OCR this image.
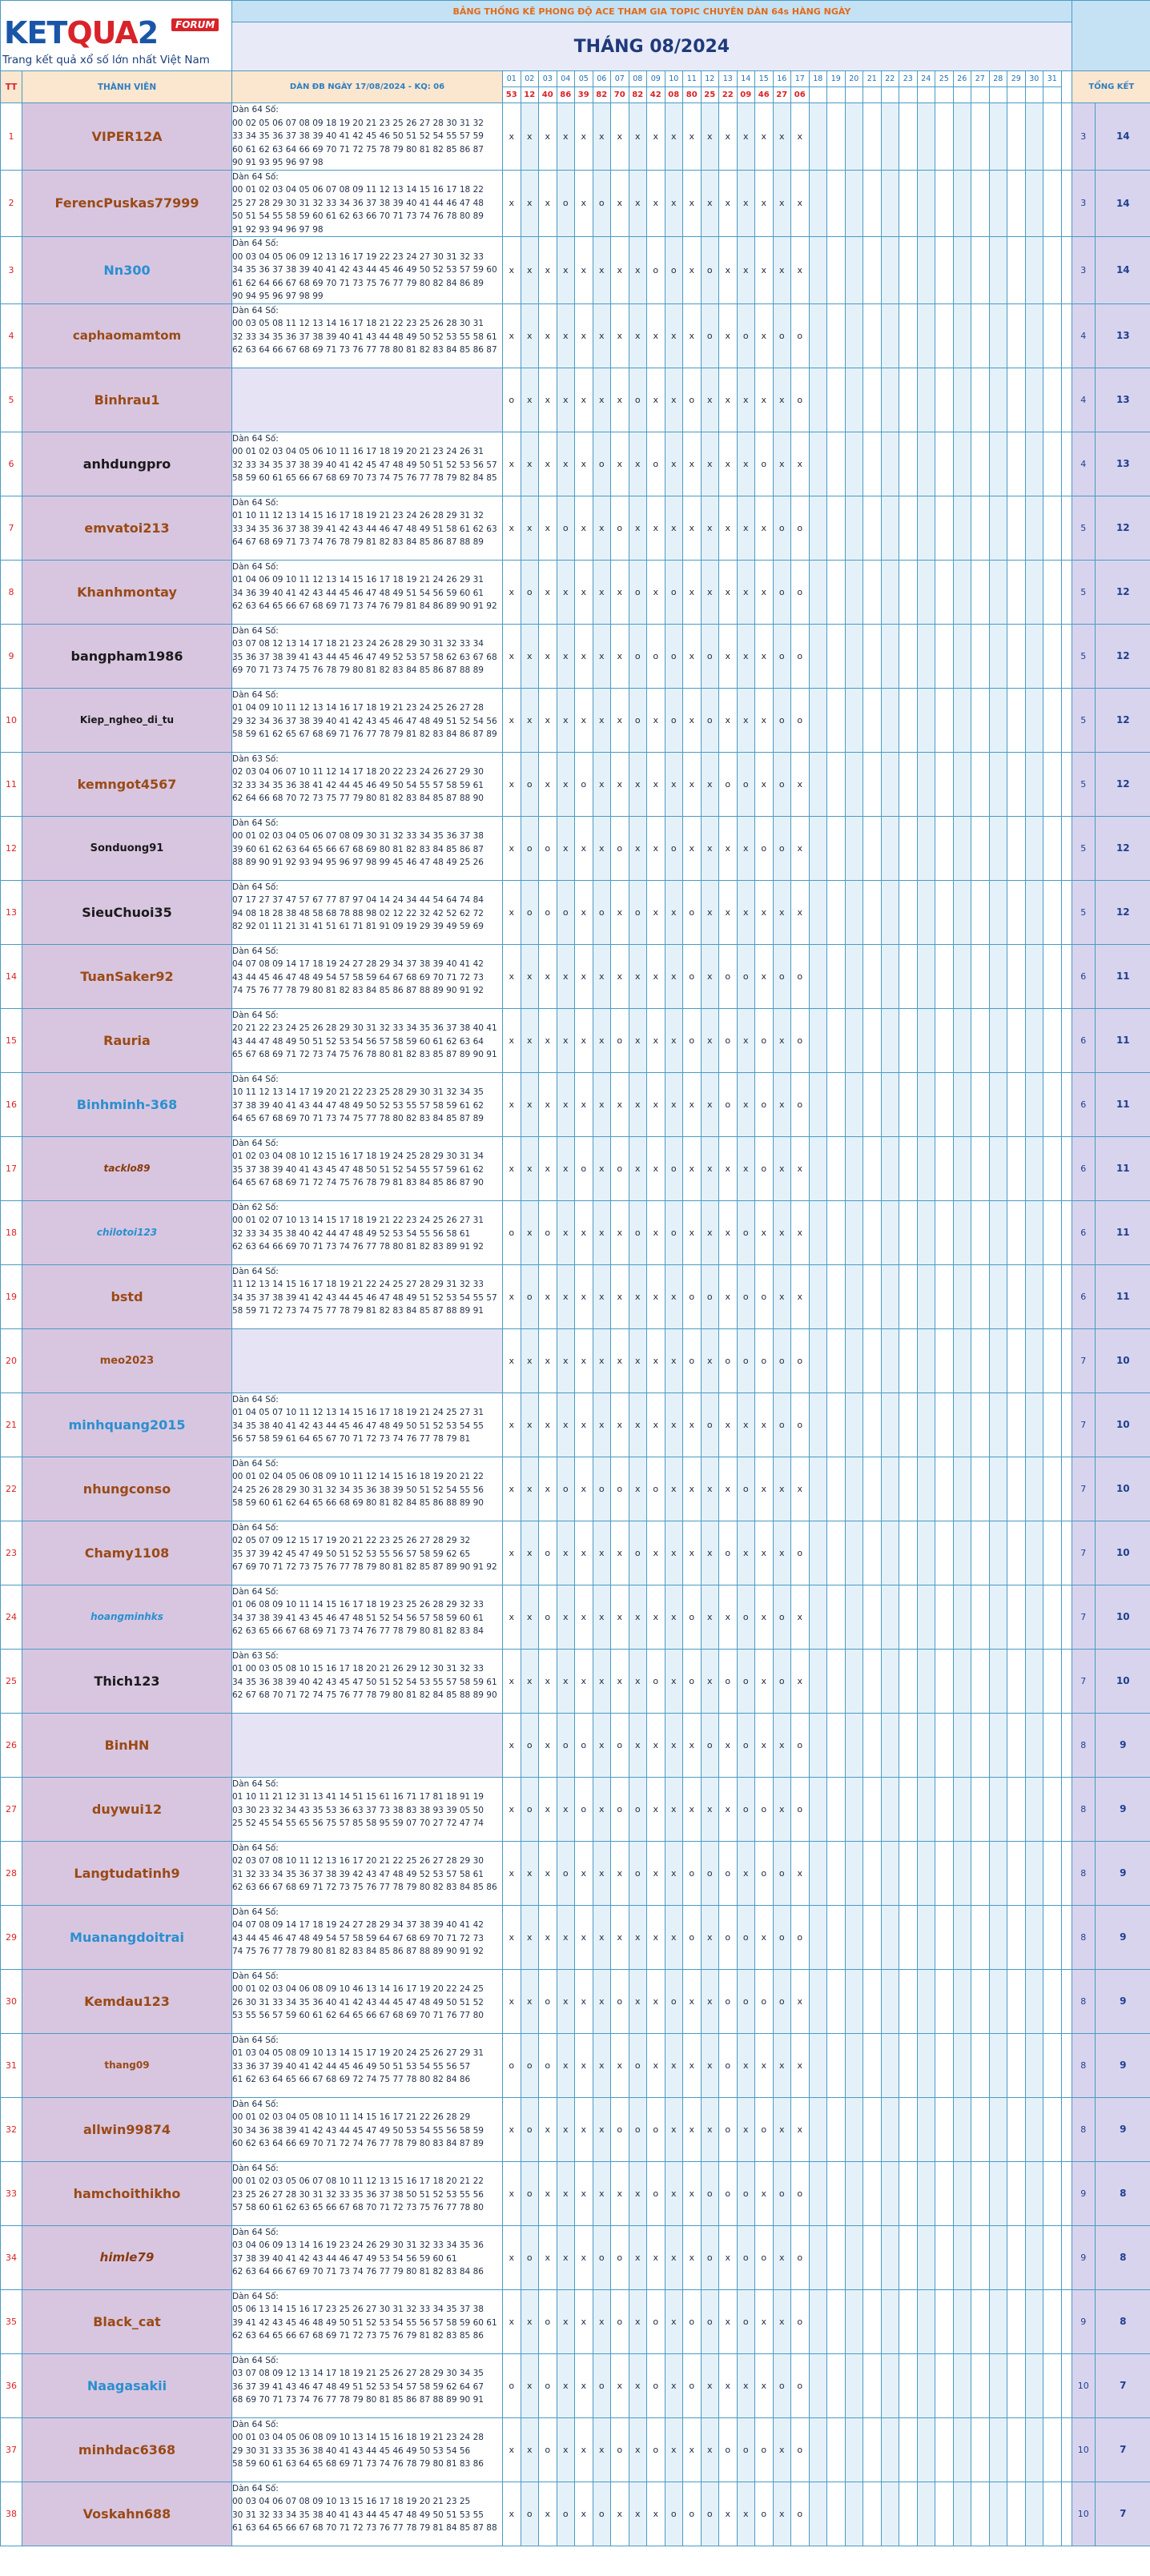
KETQUA2 FORUM
Trang kết quả xổ số lớn nhất Việt Nam		BẢNG THỐNG KÊ PHONG ĐỘ ACE THAM GIA TOPIC CHUYÊN DÀN 64s HÀNG NGÀY																																		
		THÁNG 08/2024																																		
TT	THÀNH VIÊN	DÀN ĐB NGÀY 17/08/2024 - KQ: 06	01	02	03	04	05	06	07	08	09	10	11	12	13	14	15	16	17	18	19	20	21	22	23	24	25	26	27	28	29	30	31		TỔNG KẾT	
			53	12	40	86	39	82	70	82	42	08	80	25	22	09	46	27	06																	
1	VIPER12A	Dàn 64 Số:
00 02 05 06 07 08 09 18 19 20 21 23 25 26 27 28 30 31 32
33 34 35 36 37 38 39 40 41 42 45 46 50 51 52 54 55 57 59
60 61 62 63 64 66 69 70 71 72 75 78 79 80 81 82 85 86 87
90 91 93 95 96 97 98	x	x	x	x	x	x	x	x	x	x	x	x	x	x	x	x	x																3	14
2	FerencPuskas77999	Dàn 64 Số:
00 01 02 03 04 05 06 07 08 09 11 12 13 14 15 16 17 18 22
25 27 28 29 30 31 32 33 34 36 37 38 39 40 41 44 46 47 48
50 51 54 55 58 59 60 61 62 63 66 70 71 73 74 76 78 80 89
91 92 93 94 96 97 98	x	x	x	o	x	o	x	x	x	x	x	x	x	x	x	x	x																3	14
3	Nn300	Dàn 64 Số:
00 03 04 05 06 09 12 13 16 17 19 22 23 24 27 30 31 32 33
34 35 36 37 38 39 40 41 42 43 44 45 46 49 50 52 53 57 59 60
61 62 64 66 67 68 69 70 71 73 75 76 77 79 80 82 84 86 89
90 94 95 96 97 98 99	x	x	x	x	x	x	x	x	o	o	x	o	x	x	x	x	x																3	14
4	caphaomamtom	Dàn 64 Số:
00 03 05 08 11 12 13 14 16 17 18 21 22 23 25 26 28 30 31
32 33 34 35 36 37 38 39 40 41 43 44 48 49 50 52 53 55 58 61
62 63 64 66 67 68 69 71 73 76 77 78 80 81 82 83 84 85 86 87	x	x	x	x	x	x	x	x	x	x	x	o	x	o	x	o	o																4	13
5	Binhrau1		o	x	x	x	x	x	x	o	x	x	o	x	x	x	x	x	o																4	13
6	anhdungpro	Dàn 64 Số:
00 01 02 03 04 05 06 10 11 16 17 18 19 20 21 23 24 26 31
32 33 34 35 37 38 39 40 41 42 45 47 48 49 50 51 52 53 56 57
58 59 60 61 65 66 67 68 69 70 73 74 75 76 77 78 79 82 84 85	x	x	x	x	x	o	x	x	o	x	x	x	x	x	o	x	x																4	13
7	emvatoi213	Dàn 64 Số:
01 10 11 12 13 14 15 16 17 18 19 21 23 24 26 28 29 31 32
33 34 35 36 37 38 39 41 42 43 44 46 47 48 49 51 58 61 62 63
64 67 68 69 71 73 74 76 78 79 81 82 83 84 85 86 87 88 89	x	x	x	o	x	x	o	x	x	x	x	x	x	x	x	o	o																5	12
8	Khanhmontay	Dàn 64 Số:
01 04 06 09 10 11 12 13 14 15 16 17 18 19 21 24 26 29 31
34 36 39 40 41 42 43 44 45 46 47 48 49 51 54 56 59 60 61
62 63 64 65 66 67 68 69 71 73 74 76 79 81 84 86 89 90 91 92	x	o	x	x	x	x	x	o	x	o	x	x	x	x	x	o	o																5	12
9	bangpham1986	Dàn 64 Số:
03 07 08 12 13 14 17 18 21 23 24 26 28 29 30 31 32 33 34
35 36 37 38 39 41 43 44 45 46 47 49 52 53 57 58 62 63 67 68
69 70 71 73 74 75 76 78 79 80 81 82 83 84 85 86 87 88 89	x	x	x	x	x	x	x	o	o	o	x	o	x	x	x	o	o																5	12
10	Kiep_ngheo_di_tu	Dàn 64 Số:
01 04 09 10 11 12 13 14 16 17 18 19 21 23 24 25 26 27 28
29 32 34 36 37 38 39 40 41 42 43 45 46 47 48 49 51 52 54 56
58 59 61 62 65 67 68 69 71 76 77 78 79 81 82 83 84 86 87 89	x	x	x	x	x	x	x	o	x	o	x	o	x	x	x	o	o																5	12
11	kemngot4567	Dàn 63 Số:
02 03 04 06 07 10 11 12 14 17 18 20 22 23 24 26 27 29 30
32 33 34 35 36 38 41 42 44 45 46 49 50 54 55 57 58 59 61
62 64 66 68 70 72 73 75 77 79 80 81 82 83 84 85 87 88 90	x	o	x	x	o	x	x	x	x	x	x	x	o	o	x	o	x																5	12
12	Sonduong91	Dàn 64 Số:
00 01 02 03 04 05 06 07 08 09 30 31 32 33 34 35 36 37 38
39 60 61 62 63 64 65 66 67 68 69 80 81 82 83 84 85 86 87
88 89 90 91 92 93 94 95 96 97 98 99 45 46 47 48 49 25 26	x	o	o	x	x	x	o	x	x	o	x	x	x	x	o	o	x																5	12
13	SieuChuoi35	Dàn 64 Số:
07 17 27 37 47 57 67 77 87 97 04 14 24 34 44 54 64 74 84
94 08 18 28 38 48 58 68 78 88 98 02 12 22 32 42 52 62 72
82 92 01 11 21 31 41 51 61 71 81 91 09 19 29 39 49 59 69	x	o	o	o	x	o	x	o	x	x	o	x	x	x	x	x	x																5	12
14	TuanSaker92	Dàn 64 Số:
04 07 08 09 14 17 18 19 24 27 28 29 34 37 38 39 40 41 42
43 44 45 46 47 48 49 54 57 58 59 64 67 68 69 70 71 72 73
74 75 76 77 78 79 80 81 82 83 84 85 86 87 88 89 90 91 92	x	x	x	x	x	x	x	x	x	x	o	x	o	o	x	o	o																6	11
15	Rauria	Dàn 64 Số:
20 21 22 23 24 25 26 28 29 30 31 32 33 34 35 36 37 38 40 41
43 44 47 48 49 50 51 52 53 54 56 57 58 59 60 61 62 63 64
65 67 68 69 71 72 73 74 75 76 78 80 81 82 83 85 87 89 90 91	x	x	x	x	x	x	o	x	x	x	o	x	o	x	o	x	o																6	11
16	Binhminh-368	Dàn 64 Số:
10 11 12 13 14 17 19 20 21 22 23 25 28 29 30 31 32 34 35
37 38 39 40 41 43 44 47 48 49 50 52 53 55 57 58 59 61 62
64 65 67 68 69 70 71 73 74 75 77 78 80 82 83 84 85 87 89	x	x	x	x	x	x	x	x	x	x	x	x	o	x	o	x	o																6	11
17	tacklo89	Dàn 64 Số:
01 02 03 04 08 10 12 15 16 17 18 19 24 25 28 29 30 31 34
35 37 38 39 40 41 43 45 47 48 50 51 52 54 55 57 59 61 62
64 65 67 68 69 71 72 74 75 76 78 79 81 83 84 85 86 87 90	x	x	x	x	o	x	o	x	x	o	x	x	x	x	o	x	x																6	11
18	chilotoi123	Dàn 62 Số:
00 01 02 07 10 13 14 15 17 18 19 21 22 23 24 25 26 27 31
32 33 34 35 38 40 42 44 47 48 49 52 53 54 55 56 58 61
62 63 64 66 69 70 71 73 74 76 77 78 80 81 82 83 89 91 92	o	x	o	x	x	x	x	o	x	o	x	x	x	o	x	x	x																6	11
19	bstd	Dàn 64 Số:
11 12 13 14 15 16 17 18 19 21 22 24 25 27 28 29 31 32 33
34 35 37 38 39 41 42 43 44 45 46 47 48 49 51 52 53 54 55 57
58 59 71 72 73 74 75 77 78 79 81 82 83 84 85 87 88 89 91	x	o	x	x	x	x	x	x	x	x	o	o	x	o	o	x	x																6	11
20	meo2023		x	x	x	x	x	x	x	x	x	x	o	x	o	o	o	o	o																7	10
21	minhquang2015	Dàn 64 Số:
01 04 05 07 10 11 12 13 14 15 16 17 18 19 21 24 25 27 31
34 35 38 40 41 42 43 44 45 46 47 48 49 50 51 52 53 54 55
56 57 58 59 61 64 65 67 70 71 72 73 74 76 77 78 79 81	x	x	x	x	x	x	x	x	x	x	x	o	x	x	x	o	o																7	10
22	nhungconso	Dàn 64 Số:
00 01 02 04 05 06 08 09 10 11 12 14 15 16 18 19 20 21 22
24 25 26 28 29 30 31 32 34 35 36 38 39 50 51 52 54 55 56
58 59 60 61 62 64 65 66 68 69 80 81 82 84 85 86 88 89 90	x	x	x	o	x	o	o	x	o	x	x	x	x	o	x	x	x																7	10
23	Chamy1108	Dàn 64 Số:
02 05 07 09 12 15 17 19 20 21 22 23 25 26 27 28 29 32
35 37 39 42 45 47 49 50 51 52 53 55 56 57 58 59 62 65
67 69 70 71 72 73 75 76 77 78 79 80 81 82 85 87 89 90 91 92	x	x	o	x	x	x	x	o	x	x	x	x	o	x	x	x	o																7	10
24	hoangminhks	Dàn 64 Số:
01 06 08 09 10 11 14 15 16 17 18 19 23 25 26 28 29 32 33
34 37 38 39 41 43 45 46 47 48 51 52 54 56 57 58 59 60 61
62 63 65 66 67 68 69 71 73 74 76 77 78 79 80 81 82 83 84	x	x	o	x	x	x	x	x	x	x	o	x	x	o	x	o	x																7	10
25	Thich123	Dàn 63 Số:
01 00 03 05 08 10 15 16 17 18 20 21 26 29 12 30 31 32 33
34 35 36 38 39 40 42 43 45 47 50 51 52 54 53 55 57 58 59 61
62 67 68 70 71 72 74 75 76 77 78 79 80 81 82 84 85 88 89 90	x	x	x	x	x	x	x	x	o	x	o	x	o	o	x	o	x																7	10
26	BinHN		x	o	x	o	o	x	o	x	x	x	x	o	x	o	x	x	o																8	9
27	duywui12	Dàn 64 Số:
01 10 11 21 12 31 13 41 14 51 15 61 16 71 17 81 18 91 19
03 30 23 32 34 43 35 53 36 63 37 73 38 83 38 93 39 05 50
25 52 45 54 55 65 56 75 57 85 58 95 59 07 70 27 72 47 74	x	o	x	x	o	x	o	o	x	x	x	x	x	o	o	x	o																8	9
28	Langtudatinh9	Dàn 64 Số:
02 03 07 08 10 11 12 13 16 17 20 21 22 25 26 27 28 29 30
31 32 33 34 35 36 37 38 39 42 43 47 48 49 52 53 57 58 61
62 63 66 67 68 69 71 72 73 75 76 77 78 79 80 82 83 84 85 86	x	x	x	o	x	x	x	o	x	x	o	o	o	x	o	o	x																8	9
29	Muanangdoitrai	Dàn 64 Số:
04 07 08 09 14 17 18 19 24 27 28 29 34 37 38 39 40 41 42
43 44 45 46 47 48 49 54 57 58 59 64 67 68 69 70 71 72 73
74 75 76 77 78 79 80 81 82 83 84 85 86 87 88 89 90 91 92	x	x	x	x	x	x	x	x	x	x	o	x	o	o	x	o	o																8	9
30	Kemdau123	Dàn 64 Số:
00 01 02 03 04 06 08 09 10 46 13 14 16 17 19 20 22 24 25
26 30 31 33 34 35 36 40 41 42 43 44 45 47 48 49 50 51 52
53 55 56 57 59 60 61 62 64 65 66 67 68 69 70 71 76 77 80	x	x	o	x	x	x	o	x	x	o	x	x	o	o	o	o	x																8	9
31	thang09	Dàn 64 Số:
01 03 04 05 08 09 10 13 14 15 17 19 20 24 25 26 27 29 31
33 36 37 39 40 41 42 44 45 46 49 50 51 53 54 55 56 57
61 62 63 64 65 66 67 68 69 72 74 75 77 78 80 82 84 86	o	o	o	x	x	x	x	o	x	x	x	x	o	x	x	x	x																8	9
32	allwin99874	Dàn 64 Số:
00 01 02 03 04 05 08 10 11 14 15 16 17 21 22 26 28 29
30 34 36 38 39 41 42 43 44 45 47 49 50 53 54 55 56 58 59
60 62 63 64 66 69 70 71 72 74 76 77 78 79 80 83 84 87 89	x	o	x	x	x	x	o	o	o	x	x	x	o	x	o	x	x																8	9
33	hamchoithikho	Dàn 64 Số:
00 01 02 03 05 06 07 08 10 11 12 13 15 16 17 18 20 21 22
23 25 26 27 28 30 31 32 33 35 36 37 38 50 51 52 53 55 56
57 58 60 61 62 63 65 66 67 68 70 71 72 73 75 76 77 78 80	x	o	x	x	x	x	x	x	o	x	x	o	o	o	x	o	o																9	8
34	himle79	Dàn 64 Số:
03 04 06 09 13 14 16 19 23 24 26 29 30 31 32 33 34 35 36
37 38 39 40 41 42 43 44 46 47 49 53 54 56 59 60 61
62 63 64 66 67 69 70 71 73 74 76 77 79 80 81 82 83 84 86	x	o	x	x	x	o	o	x	x	x	x	o	x	o	o	x	o																9	8
35	Black_cat	Dàn 64 Số:
05 06 13 14 15 16 17 23 25 26 27 30 31 32 33 34 35 37 38
39 41 42 43 45 46 48 49 50 51 52 53 54 55 56 57 58 59 60 61
62 63 64 65 66 67 68 69 71 72 73 75 76 79 81 82 83 85 86	x	x	o	x	x	x	o	x	o	x	o	o	x	o	x	x	o																9	8
36	Naagasakii	Dàn 64 Số:
03 07 08 09 12 13 14 17 18 19 21 25 26 27 28 29 30 34 35
36 37 39 41 43 46 47 48 49 51 52 53 54 57 58 59 62 64 67
68 69 70 71 73 74 76 77 78 79 80 81 85 86 87 88 89 90 91	o	x	o	x	x	o	x	x	o	x	o	x	x	x	x	o	o																10	7
37	minhdac6368	Dàn 64 Số:
00 01 03 04 05 06 08 09 10 13 14 15 16 18 19 21 23 24 28
29 30 31 33 35 36 38 40 41 43 44 45 46 49 50 53 54 56
58 59 60 61 63 64 65 68 69 71 73 74 76 78 79 80 81 83 86	x	x	o	x	x	x	o	x	o	x	x	x	o	o	o	x	o																10	7
38	Voskahn688	Dàn 64 Số:
00 03 04 06 07 08 09 10 13 15 16 17 18 19 20 21 23 25
30 31 32 33 34 35 38 40 41 43 44 45 47 48 49 50 51 53 55
61 63 64 65 66 67 68 70 71 72 73 76 77 78 79 81 84 85 87 88	x	o	x	o	x	o	x	x	x	o	o	o	x	x	o	x	o																10	7
